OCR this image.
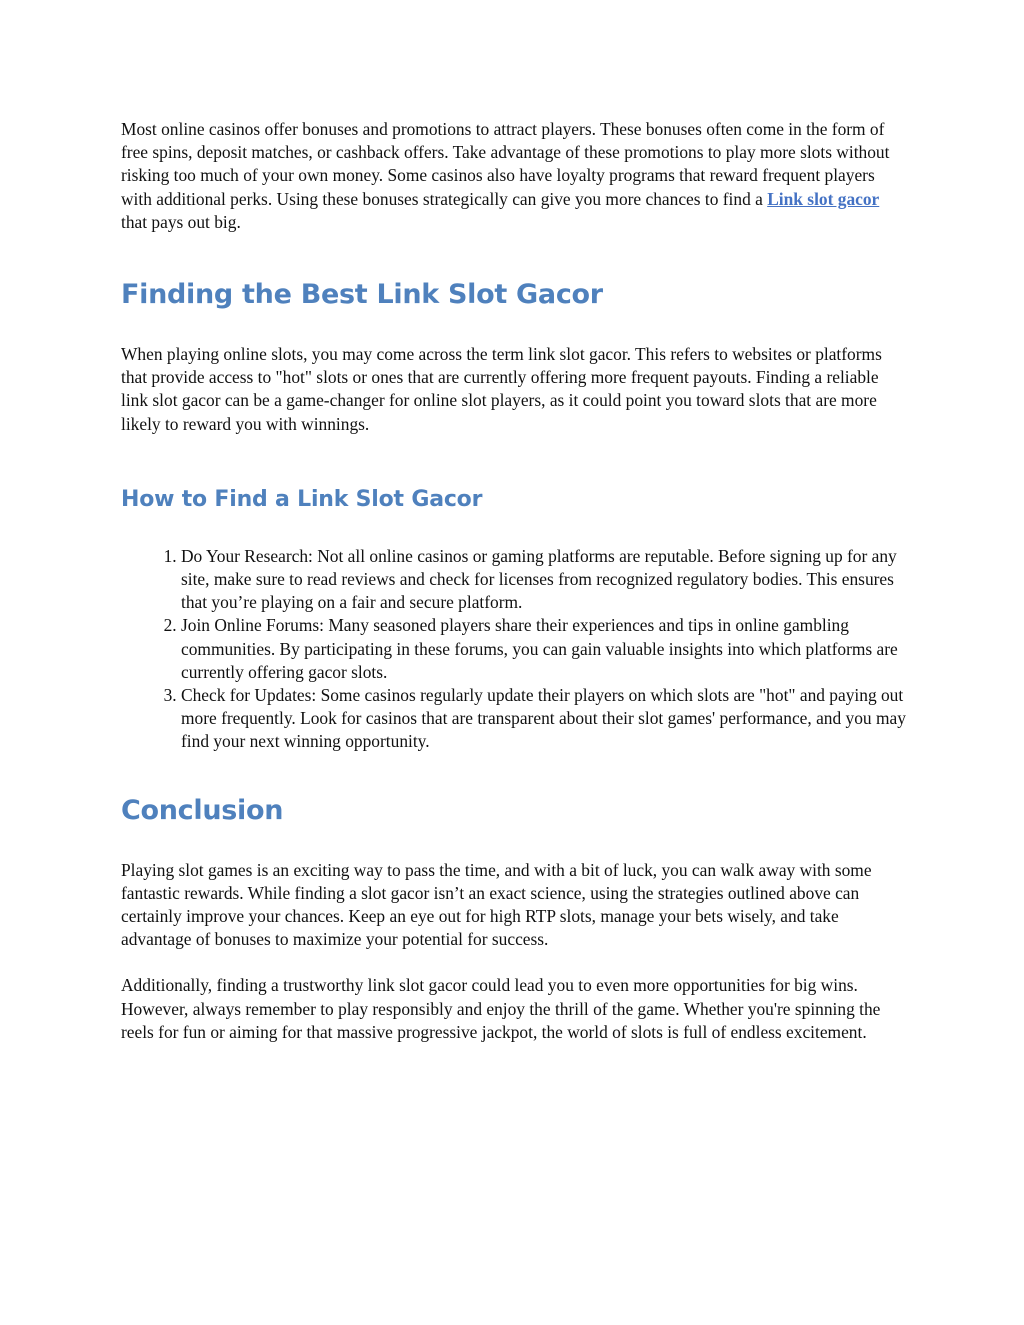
Most online casinos offer bonuses and promotions to attract players. These bonuses often come in the form of free spins, deposit matches, or cashback offers. Take advantage of these promotions to play more slots without risking too much of your own money. Some casinos also have loyalty programs that reward frequent players with additional perks. Using these bonuses strategically can give you more chances to find a Link slot gacor that pays out big.

Finding the Best Link Slot Gacor

When playing online slots, you may come across the term link slot gacor. This refers to websites or platforms that provide access to "hot" slots or ones that are currently offering more frequent payouts. Finding a reliable link slot gacor can be a game-changer for online slot players, as it could point you toward slots that are more likely to reward you with winnings.

How to Find a Link Slot Gacor
1. Do Your Research: Not all online casinos or gaming platforms are reputable. Before signing up for any site, make sure to read reviews and check for licenses from recognized regulatory bodies. This ensures that you’re playing on a fair and secure platform.
2. Join Online Forums: Many seasoned players share their experiences and tips in online gambling communities. By participating in these forums, you can gain valuable insights into which platforms are currently offering gacor slots.
3. Check for Updates: Some casinos regularly update their players on which slots are "hot" and paying out more frequently. Look for casinos that are transparent about their slot games' performance, and you may find your next winning opportunity.
Conclusion

Playing slot games is an exciting way to pass the time, and with a bit of luck, you can walk away with some fantastic rewards. While finding a slot gacor isn’t an exact science, using the strategies outlined above can certainly improve your chances. Keep an eye out for high RTP slots, manage your bets wisely, and take advantage of bonuses to maximize your potential for success.

Additionally, finding a trustworthy link slot gacor could lead you to even more opportunities for big wins. However, always remember to play responsibly and enjoy the thrill of the game. Whether you're spinning the reels for fun or aiming for that massive progressive jackpot, the world of slots is full of endless excitement.
